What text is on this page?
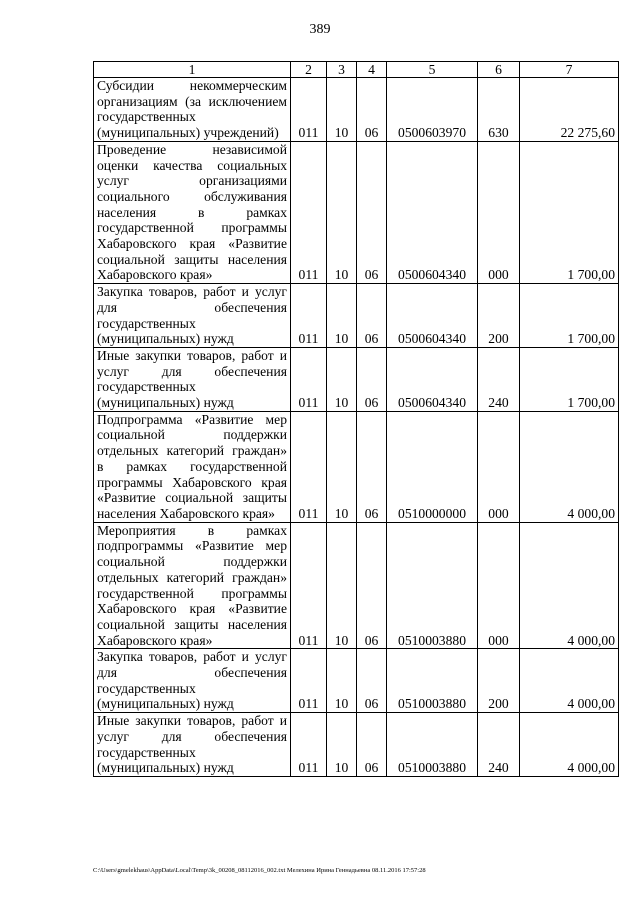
389
1	2	3	4	5	6	7
Субсидии некоммерческим организациям (за исключением государственных (муниципальных) учреждений)	011	10	06	0500603970	630	22 275,60
Проведение независимой оценки качества социальных услуг организациями социального обслуживания населения в рамках государственной программы Хабаровского края «Развитие социальной защиты населения Хабаровского края»	011	10	06	0500604340	000	1 700,00
Закупка товаров, работ и услуг для обеспечения государственных (муниципальных) нужд	011	10	06	0500604340	200	1 700,00
Иные закупки товаров, работ и услуг для обеспечения государственных (муниципальных) нужд	011	10	06	0500604340	240	1 700,00
Подпрограмма «Развитие мер социальной поддержки отдельных категорий граждан» в рамках государственной программы Хабаровского края «Развитие социальной защиты населения Хабаровского края»	011	10	06	0510000000	000	4 000,00
Мероприятия в рамках подпрограммы «Развитие мер социальной поддержки отдельных категорий граждан» государственной программы Хабаровского края «Развитие социальной защиты населения Хабаровского края»	011	10	06	0510003880	000	4 000,00
Закупка товаров, работ и услуг для обеспечения государственных (муниципальных) нужд	011	10	06	0510003880	200	4 000,00
Иные закупки товаров, работ и услуг для обеспечения государственных (муниципальных) нужд	011	10	06	0510003880	240	4 000,00
C:\Users\gmelekhaus\AppData\Local\Temp\3k_00208_08112016_002.txt Мелехина Ирина Геннадьевна 08.11.2016 17:57:28
